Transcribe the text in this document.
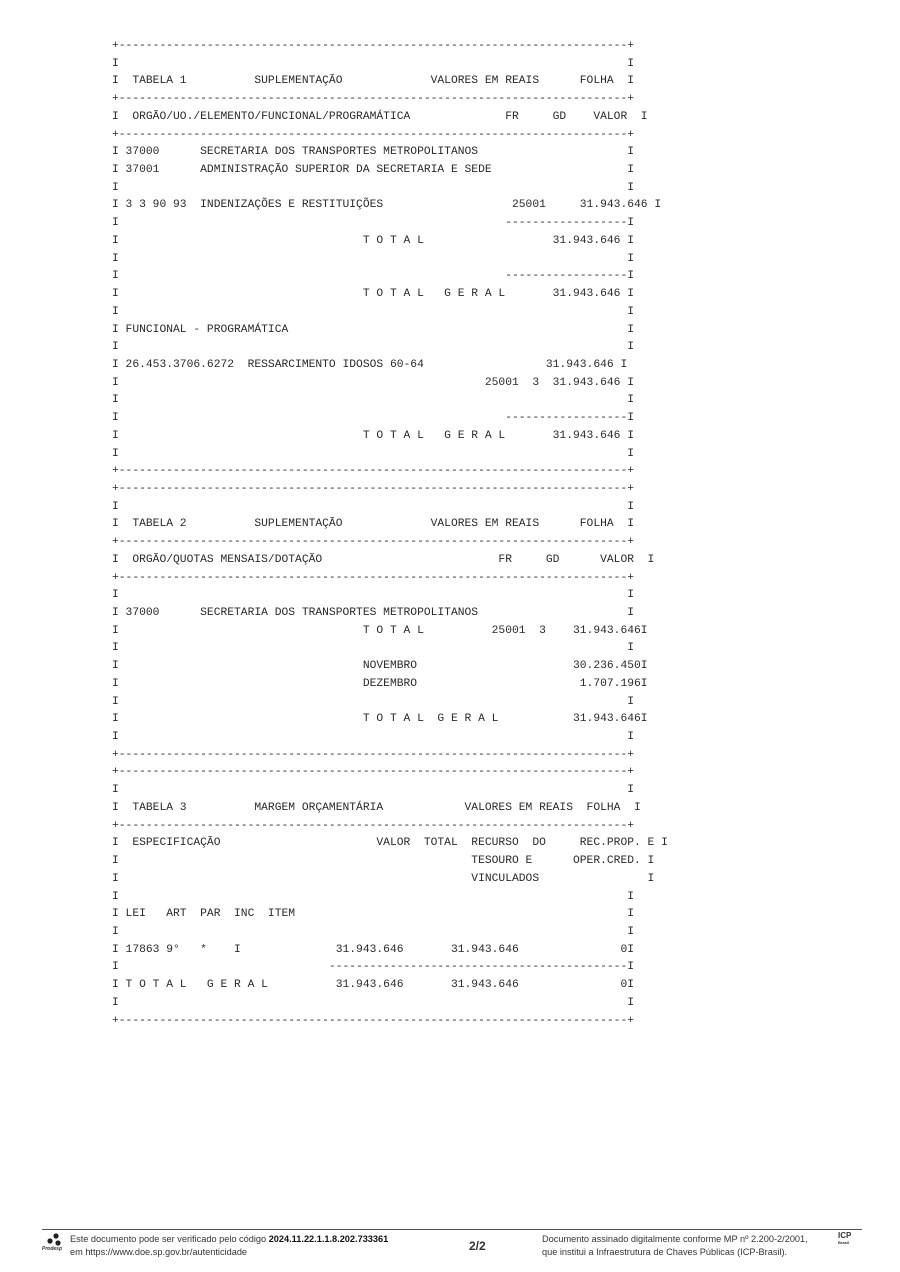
+---------------------------------------------------------------------------+
I                                                                           I
I  TABELA 1          SUPLEMENTAÇÃO             VALORES EM REAIS      FOLHA  I
+---------------------------------------------------------------------------+
I  ORGÃO/UO./ELEMENTO/FUNCIONAL/PROGRAMÁTICA              FR     GD    VALOR  I
+---------------------------------------------------------------------------+
I 37000      SECRETARIA DOS TRANSPORTES METROPOLITANOS                      I
I 37001      ADMINISTRAÇÃO SUPERIOR DA SECRETARIA E SEDE                    I
I                                                                           I
I 3 3 90 93  INDENIZAÇÕES E RESTITUIÇÕES                   25001     31.943.646 I
I                                                         ------------------I
I                                    T O T A L                   31.943.646 I
I                                                                           I
I                                                         ------------------I
I                                    T O T A L   G E R A L       31.943.646 I
I                                                                           I
I FUNCIONAL - PROGRAMÁTICA                                                  I
I                                                                           I
I 26.453.3706.6272  RESSARCIMENTO IDOSOS 60-64                  31.943.646 I
I                                                      25001  3  31.943.646 I
I                                                                           I
I                                                         ------------------I
I                                    T O T A L   G E R A L       31.943.646 I
I                                                                           I
+---------------------------------------------------------------------------+
+---------------------------------------------------------------------------+
I                                                                           I
I  TABELA 2          SUPLEMENTAÇÃO             VALORES EM REAIS      FOLHA  I
+---------------------------------------------------------------------------+
I  ORGÃO/QUOTAS MENSAIS/DOTAÇÃO                          FR     GD      VALOR  I
+---------------------------------------------------------------------------+
I                                                                           I
I 37000      SECRETARIA DOS TRANSPORTES METROPOLITANOS                      I
I                                    T O T A L          25001  3    31.943.646I
I                                                                           I
I                                    NOVEMBRO                       30.236.450I
I                                    DEZEMBRO                        1.707.196I
I                                                                           I
I                                    T O T A L  G E R A L           31.943.646I
I                                                                           I
+---------------------------------------------------------------------------+
+---------------------------------------------------------------------------+
I                                                                           I
I  TABELA 3          MARGEM ORÇAMENTÁRIA            VALORES EM REAIS  FOLHA  I
+---------------------------------------------------------------------------+
I  ESPECIFICAÇÃO                       VALOR  TOTAL  RECURSO  DO     REC.PROP. E I
I                                                    TESOURO E      OPER.CRED. I
I                                                    VINCULADOS                I
I                                                                           I
I LEI   ART  PAR  INC  ITEM                                                 I
I                                                                           I
I 17863 9°   *    I              31.943.646       31.943.646               0I
I                               --------------------------------------------I
I T O T A L   G E R A L          31.943.646       31.943.646               0I
I                                                                           I
+---------------------------------------------------------------------------+
Prodesp
Este documento pode ser verificado pelo código 2024.11.22.1.1.8.202.733361
em https://www.doe.sp.gov.br/autenticidade	2/2	Documento assinado digitalmente conforme MP nº 2.200-2/2001,
que institui a Infraestrutura de Chaves Públicas (ICP-Brasil).
ICP
Brasil
